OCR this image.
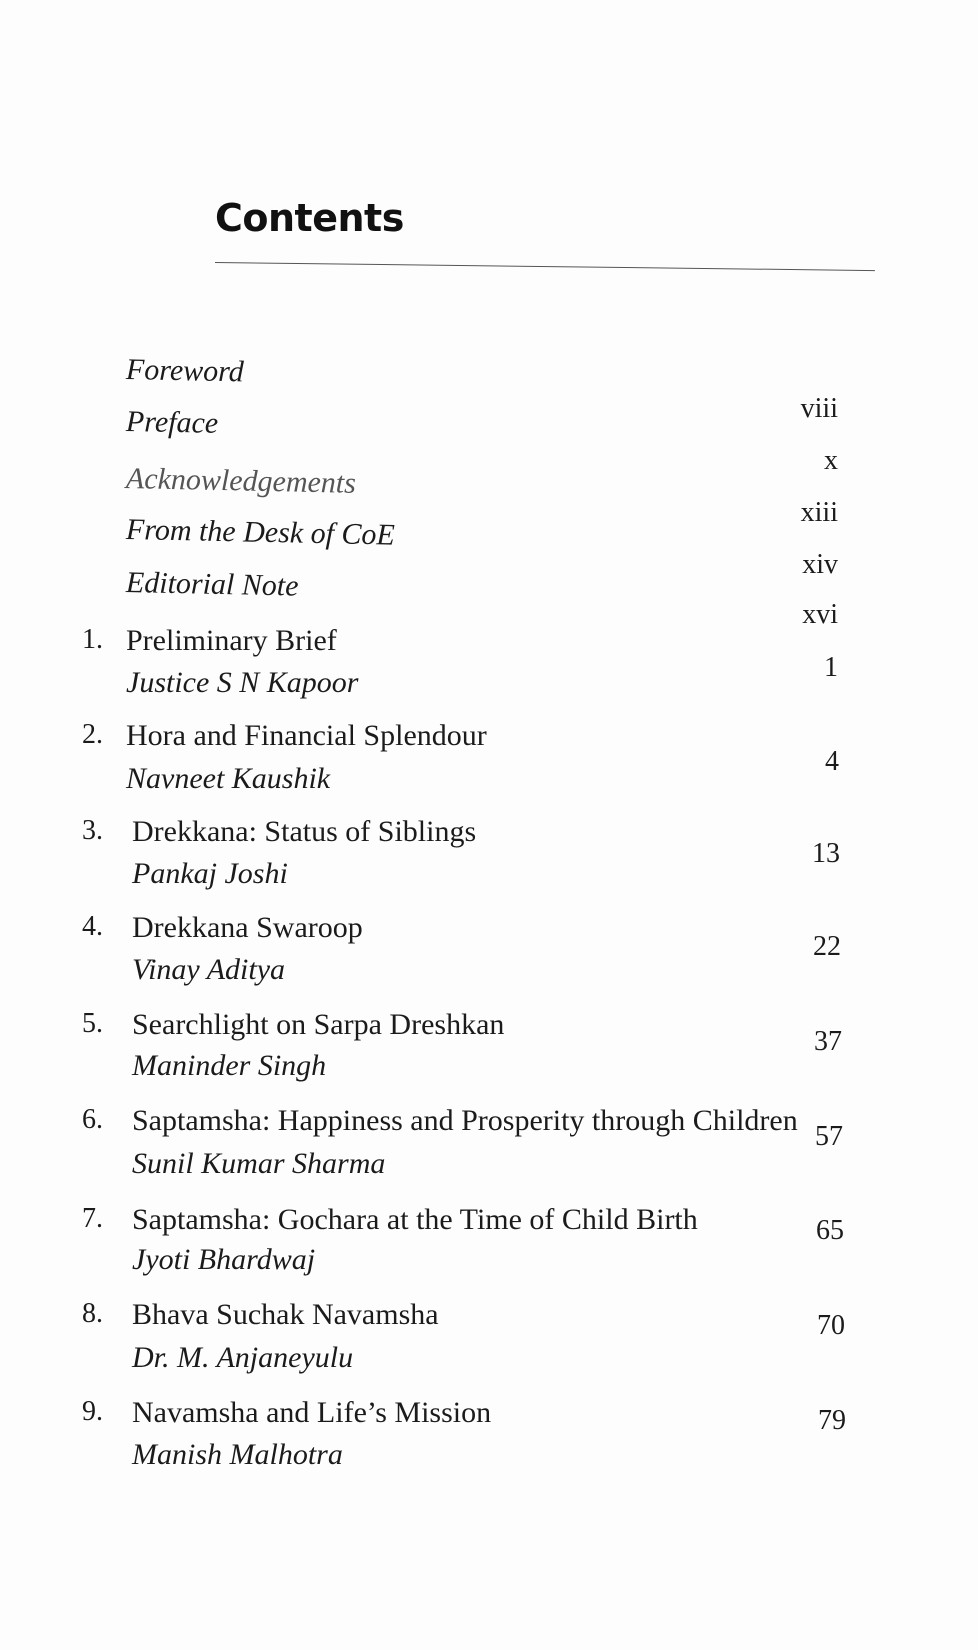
Contents
Foreword
viii
Preface
x
Acknowledgements
xiii
From the Desk of CoE
xiv
Editorial Note
xvi
1. Preliminary Brief
Justice S N Kapoor	1
2. Hora and Financial Splendour
Navneet Kaushik
4
3. Drekkana: Status of Siblings
Pankaj Joshi
13
4. Drekkana Swaroop
Vinay Aditya
22
5. Searchlight on Sarpa Dreshkan
Maninder Singh
37
6. Saptamsha: Happiness and Prosperity through Children
Sunil Kumar Sharma
57
7. Saptamsha: Gochara at the Time of Child Birth
Jyoti Bhardwaj
65
8. Bhava Suchak Navamsha
Dr. M. Anjaneyulu
70
9. Navamsha and Life’s Mission
Manish Malhotra
79
